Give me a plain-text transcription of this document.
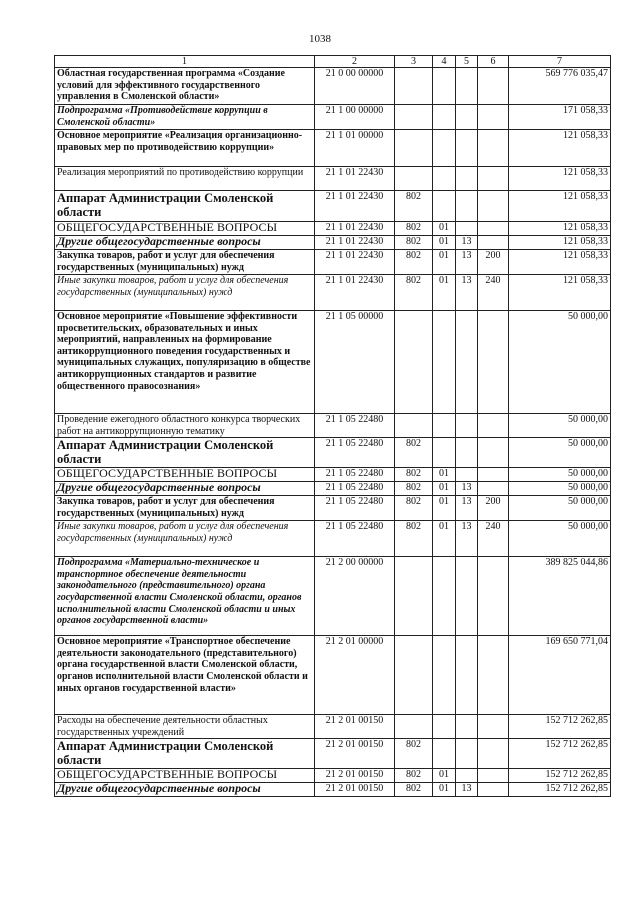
1038
1	2	3	4	5	6	7
Областная государственная программа «Создание условий для эффективного государственного управления в Смоленской области»	21 0 00 00000					569 776 035,47
Подпрограмма «Противодействие коррупции в Смоленской области»	21 1 00 00000					171 058,33
Основное мероприятие «Реализация организационно-правовых мер по противодействию коррупции»	21 1 01 00000					121 058,33
Реализация мероприятий по противодействию коррупции	21 1 01 22430					121 058,33
Аппарат Администрации Смоленской области	21 1 01 22430	802				121 058,33
ОБЩЕГОСУДАРСТВЕННЫЕ ВОПРОСЫ	21 1 01 22430	802	01			121 058,33
Другие общегосударственные вопросы	21 1 01 22430	802	01	13		121 058,33
Закупка товаров, работ и услуг для обеспечения государственных (муниципальных) нужд	21 1 01 22430	802	01	13	200	121 058,33
Иные закупки товаров, работ и услуг для обеспечения государственных (муниципальных) нужд	21 1 01 22430	802	01	13	240	121 058,33
Основное мероприятие «Повышение эффективности просветительских, образовательных и иных мероприятий, направленных на формирование антикоррупционного поведения государственных и муниципальных служащих, популяризацию в обществе антикоррупционных стандартов и развитие общественного правосознания»	21 1 05 00000					50 000,00
Проведение ежегодного областного конкурса творческих работ на антикоррупционную тематику	21 1 05 22480					50 000,00
Аппарат Администрации Смоленской области	21 1 05 22480	802				50 000,00
ОБЩЕГОСУДАРСТВЕННЫЕ ВОПРОСЫ	21 1 05 22480	802	01			50 000,00
Другие общегосударственные вопросы	21 1 05 22480	802	01	13		50 000,00
Закупка товаров, работ и услуг для обеспечения государственных (муниципальных) нужд	21 1 05 22480	802	01	13	200	50 000,00
Иные закупки товаров, работ и услуг для обеспечения государственных (муниципальных) нужд	21 1 05 22480	802	01	13	240	50 000,00
Подпрограмма «Материально-техническое и транспортное обеспечение деятельности законодательного (представительного) органа государственной власти Смоленской области, органов исполнительной власти Смоленской области и иных органов государственной власти»	21 2 00 00000					389 825 044,86
Основное мероприятие «Транспортное обеспечение деятельности законодательного (представительного) органа государственной власти Смоленской области, органов исполнительной власти Смоленской области и иных органов государственной власти»	21 2 01 00000					169 650 771,04
Расходы на обеспечение деятельности областных государственных учреждений	21 2 01 00150					152 712 262,85
Аппарат Администрации Смоленской области	21 2 01 00150	802				152 712 262,85
ОБЩЕГОСУДАРСТВЕННЫЕ ВОПРОСЫ	21 2 01 00150	802	01			152 712 262,85
Другие общегосударственные вопросы	21 2 01 00150	802	01	13		152 712 262,85
